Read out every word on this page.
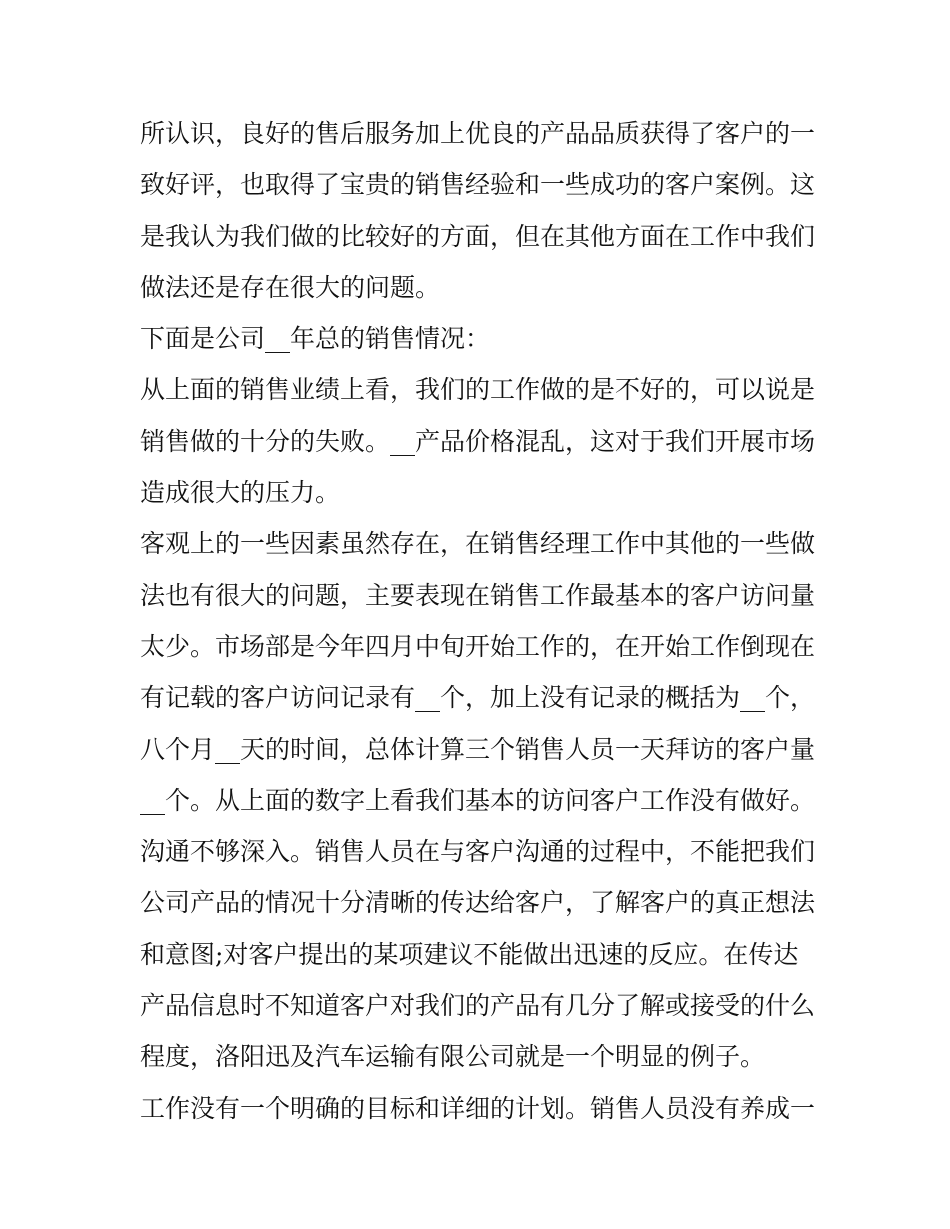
所认识，良好的售后服务加上优良的产品品质获得了客户的一
致好评，也取得了宝贵的销售经验和一些成功的客户案例。这
是我认为我们做的比较好的方面，但在其他方面在工作中我们
做法还是存在很大的问题。
下面是公司__年总的销售情况：
从上面的销售业绩上看，我们的工作做的是不好的，可以说是
销售做的十分的失败。__产品价格混乱，这对于我们开展市场
造成很大的压力。
客观上的一些因素虽然存在，在销售经理工作中其他的一些做
法也有很大的问题，主要表现在销售工作最基本的客户访问量
太少。市场部是今年四月中旬开始工作的，在开始工作倒现在
有记载的客户访问记录有__个，加上没有记录的概括为__个，
八个月__天的时间，总体计算三个销售人员一天拜访的客户量
__个。从上面的数字上看我们基本的访问客户工作没有做好。
沟通不够深入。销售人员在与客户沟通的过程中，不能把我们
公司产品的情况十分清晰的传达给客户，了解客户的真正想法
和意图;对客户提出的某项建议不能做出迅速的反应。在传达
产品信息时不知道客户对我们的产品有几分了解或接受的什么
程度，洛阳迅及汽车运输有限公司就是一个明显的例子。
工作没有一个明确的目标和详细的计划。销售人员没有养成一
